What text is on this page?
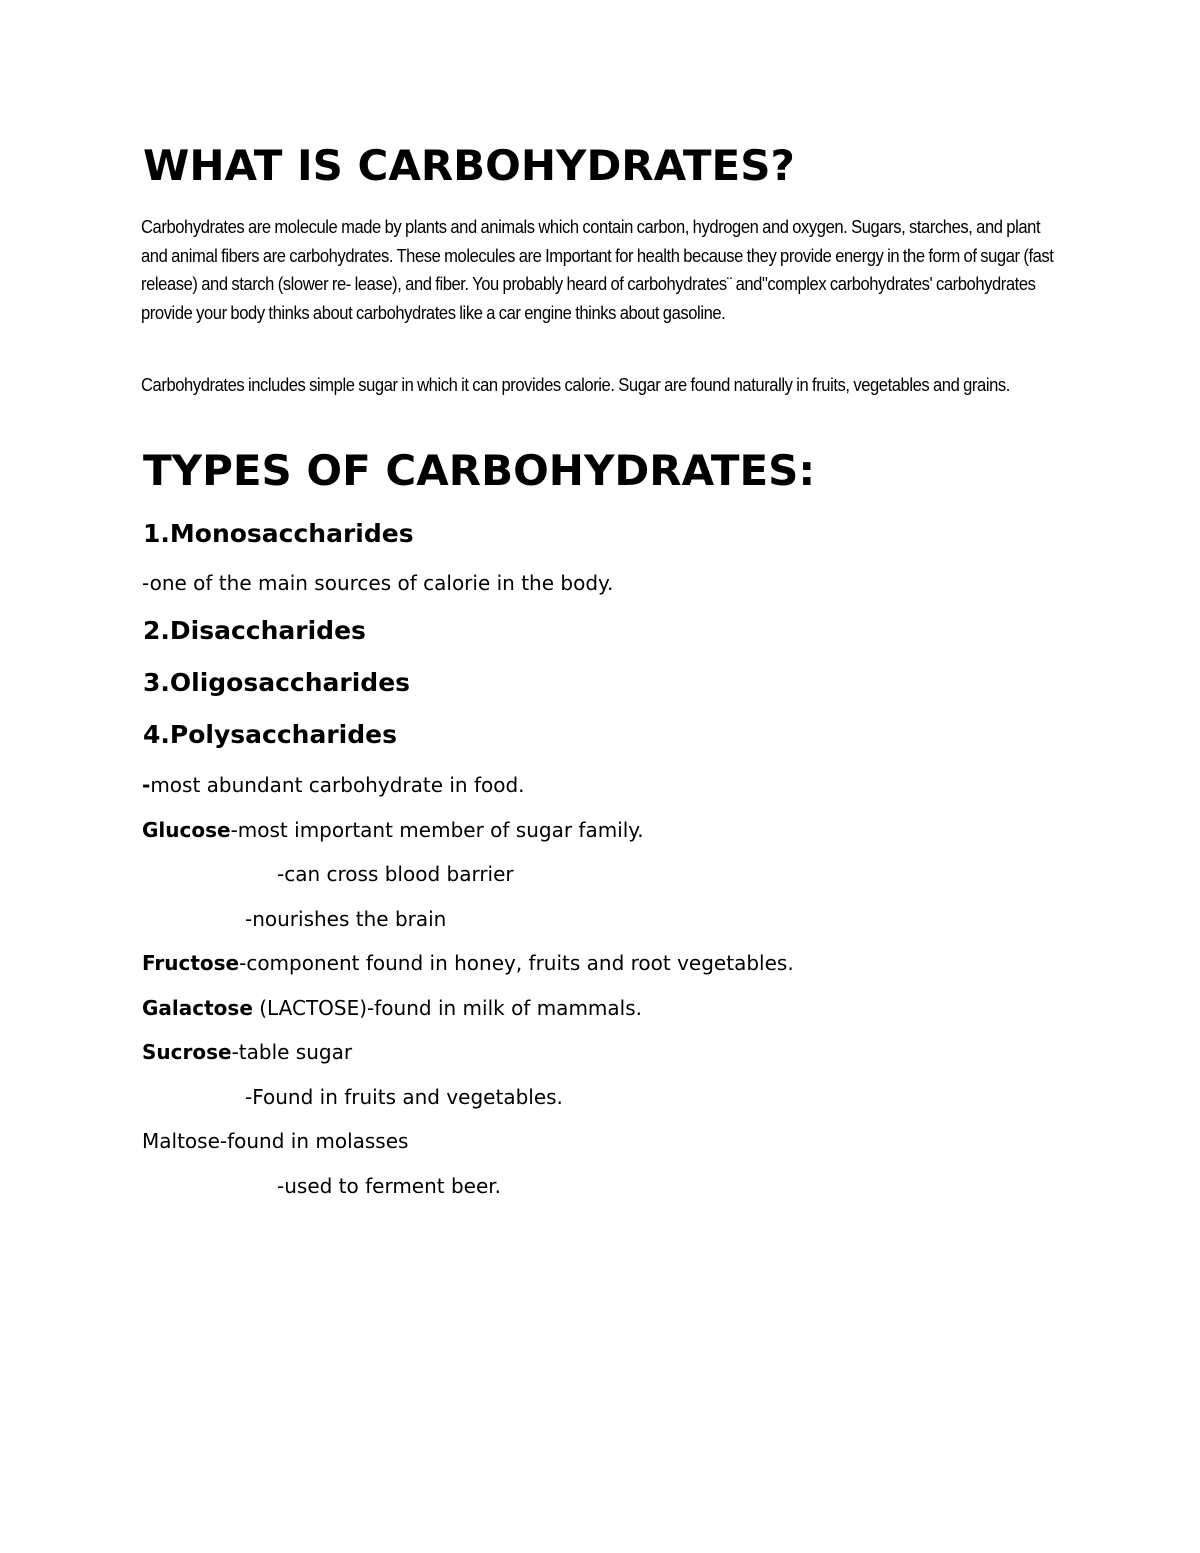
WHAT IS CARBOHYDRATES?

Carbohydrates are molecule made by plants and animals which contain carbon, hydrogen and oxygen. Sugars, starches, and plant and animal fibers are carbohydrates. These molecules are Important for health because they provide energy in the form of sugar (fast release) and starch (slower re- lease), and fiber. You probably heard of carbohydrates¨ and"complex carbohydrates' carbohydrates provide your body thinks about carbohydrates like a car engine thinks about gasoline.

Carbohydrates includes simple sugar in which it can provides calorie. Sugar are found naturally in fruits, vegetables and grains.

TYPES OF CARBOHYDRATES:
1.Monosaccharides

-one of the main sources of calorie in the body.

2.Disaccharides
3.Oligosaccharides
4.Polysaccharides

-most abundant carbohydrate in food.

Glucose-most important member of sugar family.

-can cross blood barrier

-nourishes the brain

Fructose-component found in honey, fruits and root vegetables.

Galactose (LACTOSE)-found in milk of mammals.

Sucrose-table sugar

-Found in fruits and vegetables.

Maltose-found in molasses

-used to ferment beer.
